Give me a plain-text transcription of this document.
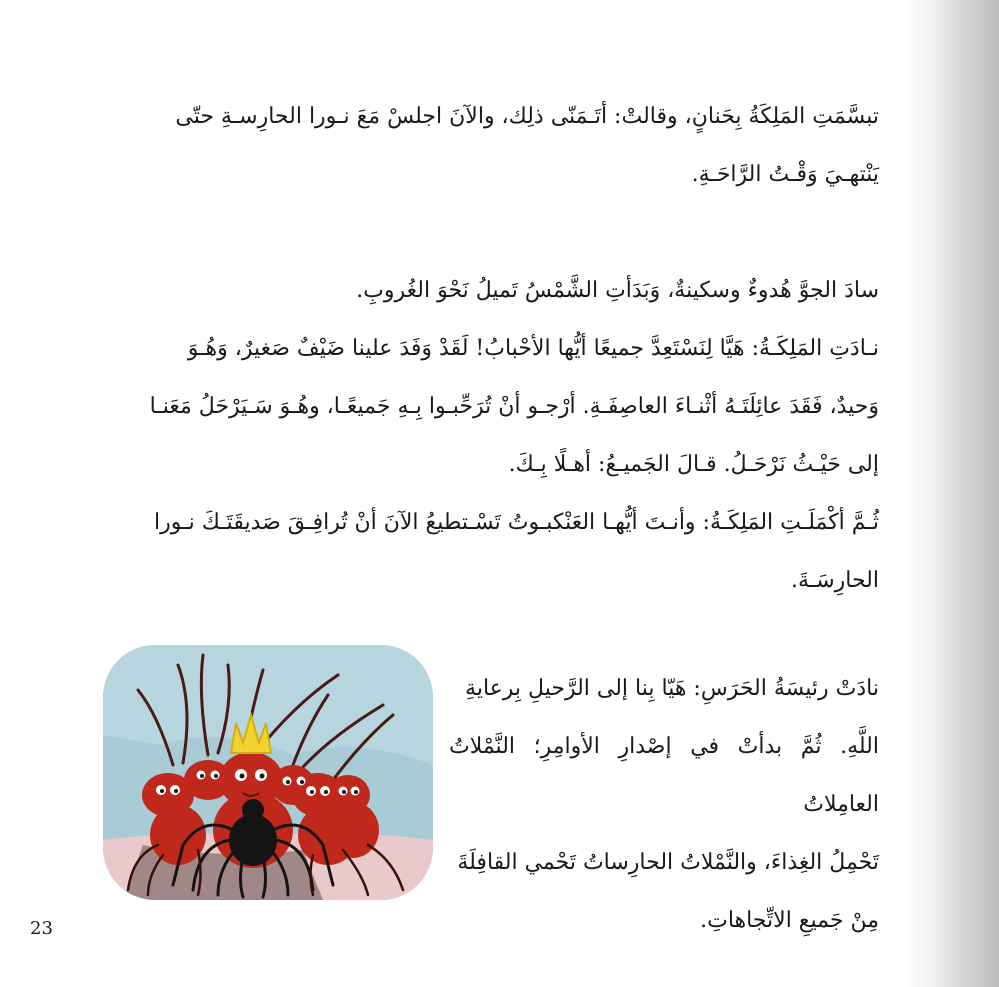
تبسَّمَتِ المَلِكَةُ بِحَنانٍ، وقالتْ: أتَـمَنّى ذلِك، والآنَ اجلسْ مَعَ نـورا الحارِسـةِ حتّى
يَنْتهـيَ وَقْـتُ الرَّاحَـةِ.
سادَ الجوَّ هُدوءٌ وسكينةٌ، وَبَدَأتِ الشَّمْسُ تَميلُ نَحْوَ الغُروبِ.
نـادَتِ المَلِكَـةُ: هَيَّا لِنَسْتَعِدَّ جميعًا أيُّها الأحْبابُ! لَقَدْ وَفَدَ علينا ضَيْفٌ صَغيرٌ، وَهُـوَ
وَحيدٌ، فَقَدَ عائِلَتَـهُ أثْنـاءَ العاصِفَـةِ. أرْجـو أنْ تُرَحِّبـوا بِـهِ جَميعًـا، وهُـوَ سَـيَرْحَلُ مَعَنـا
إلى حَيْـثُ نَرْحَـلُ. قـالَ الجَميـعُ: أهـلًا بِـكَ.
ثُـمَّ أكْمَلَـتِ المَلِكَـةُ: وأنـتَ أيُّهـا العَنْكبـوتُ تَسْـتطيعُ الآنَ أنْ تُرافِـقَ صَديقَتَـكَ نـورا
الحارِسَـةَ.
نادَتْ رئيسَةُ الحَرَسِ: هَيّا بِنا إلى الرَّحيلِ بِرعايةِ
اللَّهِ. ثُمَّ بدأتْ في إصْدارِ الأوامِرِ؛ النَّمْلاتُ العامِلاتُ
تَحْمِلُ الغِذاءَ، والنَّمْلاتُ الحارِساتُ تَحْمي القافِلَةَ
مِنْ جَميعِ الاتِّجاهاتِ.
23
